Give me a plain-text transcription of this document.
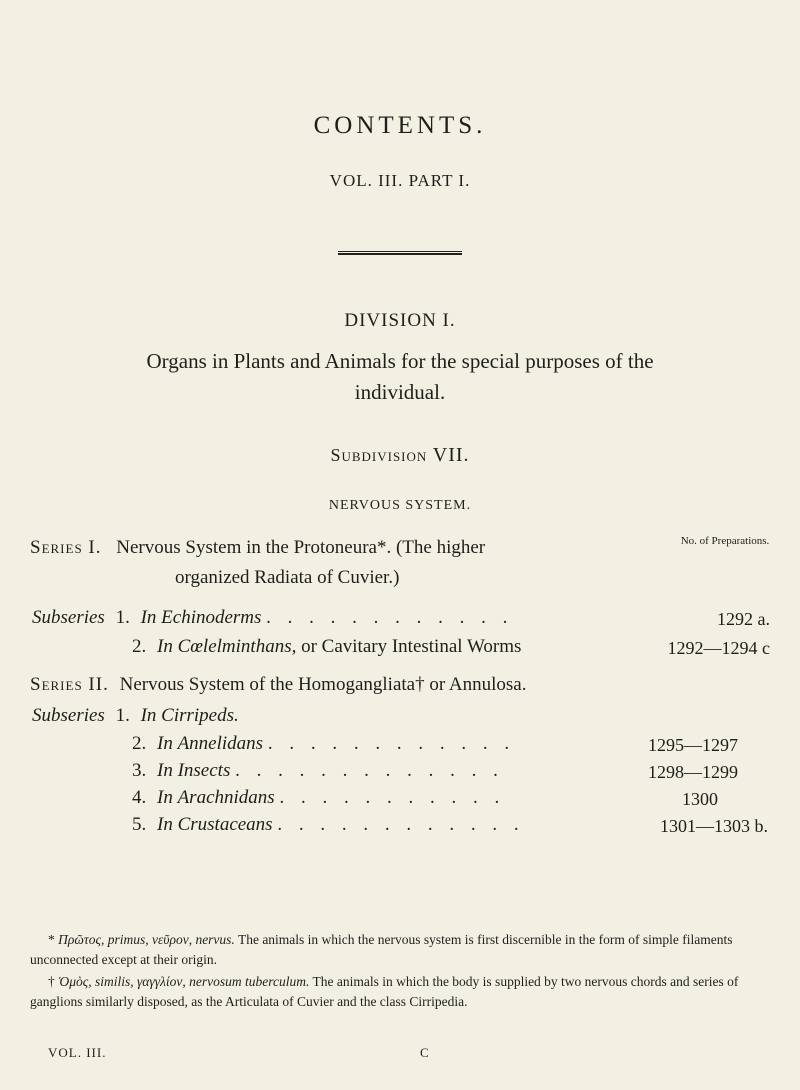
CONTENTS.
VOL. III. PART I.
DIVISION I.
Organs in Plants and Animals for the special purposes of the individual.
Subdivision VII.
NERVOUS SYSTEM.
No. of Preparations.
Series I. Nervous System in the Protoneura*. (The higher
organized Radiata of Cuvier.)
Subseries 1. In Echinoderms . . . . . . . . . . . .	1292 a.
2. In Cœlelminthans, or Cavitary Intestinal Worms	1292—1294 c
Series II. Nervous System of the Homogangliata† or Annulosa.
Subseries 1. In Cirripeds.
2. In Annelidans . . . . . . . . . . . .	1295—1297
3. In Insects . . . . . . . . . . . . .	1298—1299
4. In Arachnidans . . . . . . . . . . .	1300
5. In Crustaceans . . . . . . . . . . . .	1301—1303 b.
* Πρῶτος, primus, νεῦρον, nervus. The animals in which the nervous system is first discernible in the form of simple filaments unconnected except at their origin.
† Ὁμὸς, similis, γαγγλίον, nervosum tuberculum. The animals in which the body is supplied by two nervous chords and series of ganglions similarly disposed, as the Articulata of Cuvier and the class Cirripedia.
VOL. III.	C
